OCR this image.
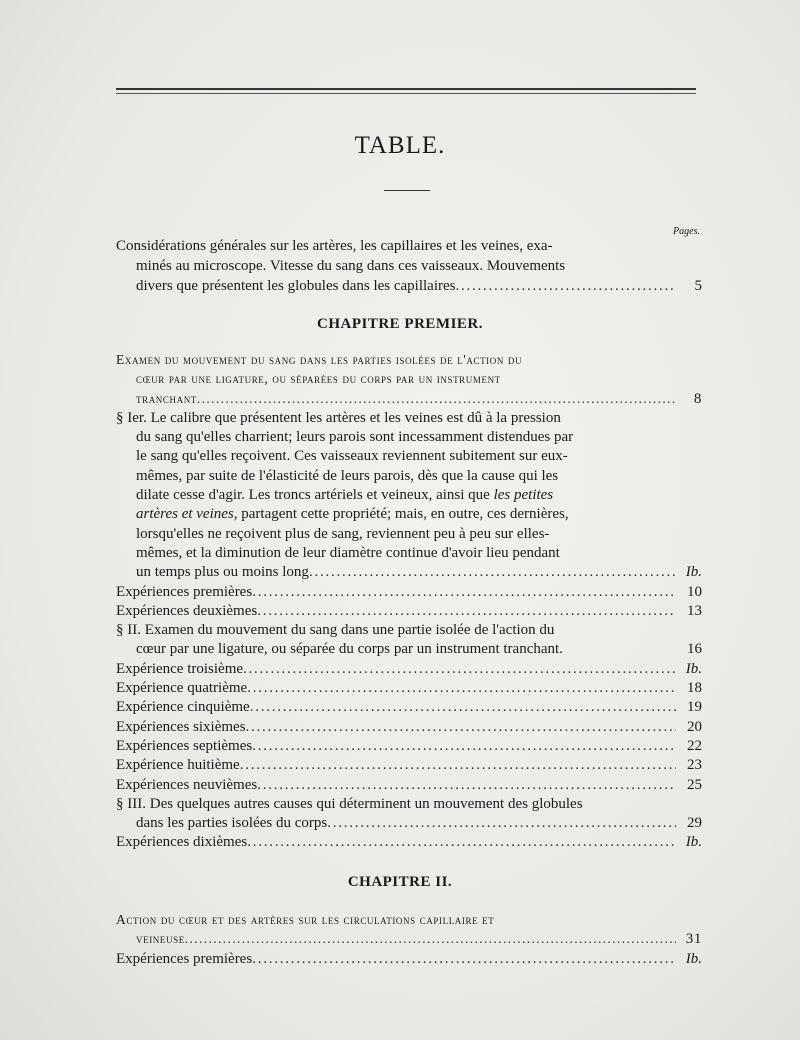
TABLE.
Pages.
Considérations générales sur les artères, les capillaires et les veines, exa-
minés au microscope. Vitesse du sang dans ces vaisseaux. Mouvements
divers que présentent les globules dans les capillaires . . .	5
CHAPITRE PREMIER.
Examen du mouvement du sang dans les parties isolées de l'action du
cœur par une ligature, ou séparées du corps par un instrument
tranchant . . .	8
§ Ier. Le calibre que présentent les artères et les veines est dû à la pression
du sang qu'elles charrient; leurs parois sont incessamment distendues par
le sang qu'elles reçoivent. Ces vaisseaux reviennent subitement sur eux-
mêmes, par suite de l'élasticité de leurs parois, dès que la cause qui les
dilate cesse d'agir. Les troncs artériels et veineux, ainsi que les petites
artères et veines, partagent cette propriété; mais, en outre, ces dernières,
lorsqu'elles ne reçoivent plus de sang, reviennent peu à peu sur elles-
mêmes, et la diminution de leur diamètre continue d'avoir lieu pendant
un temps plus ou moins long . . .	Ib.
Expériences premières . . .	10
Expériences deuxièmes . . .	13
§ II. Examen du mouvement du sang dans une partie isolée de l'action du
cœur par une ligature, ou séparée du corps par un instrument tranchant.	16
Expérience troisième . . .	Ib.
Expérience quatrième . . .	18
Expérience cinquième . . .	19
Expériences sixièmes . . .	20
Expériences septièmes . . .	22
Expérience huitième . . .	23
Expériences neuvièmes . . .	25
§ III. Des quelques autres causes qui déterminent un mouvement des globules
dans les parties isolées du corps . . .	29
Expériences dixièmes . . .	Ib.
CHAPITRE II.
Action du cœur et des artères sur les circulations capillaire et
veineuse . . .	31
Expériences premières . . .	Ib.
